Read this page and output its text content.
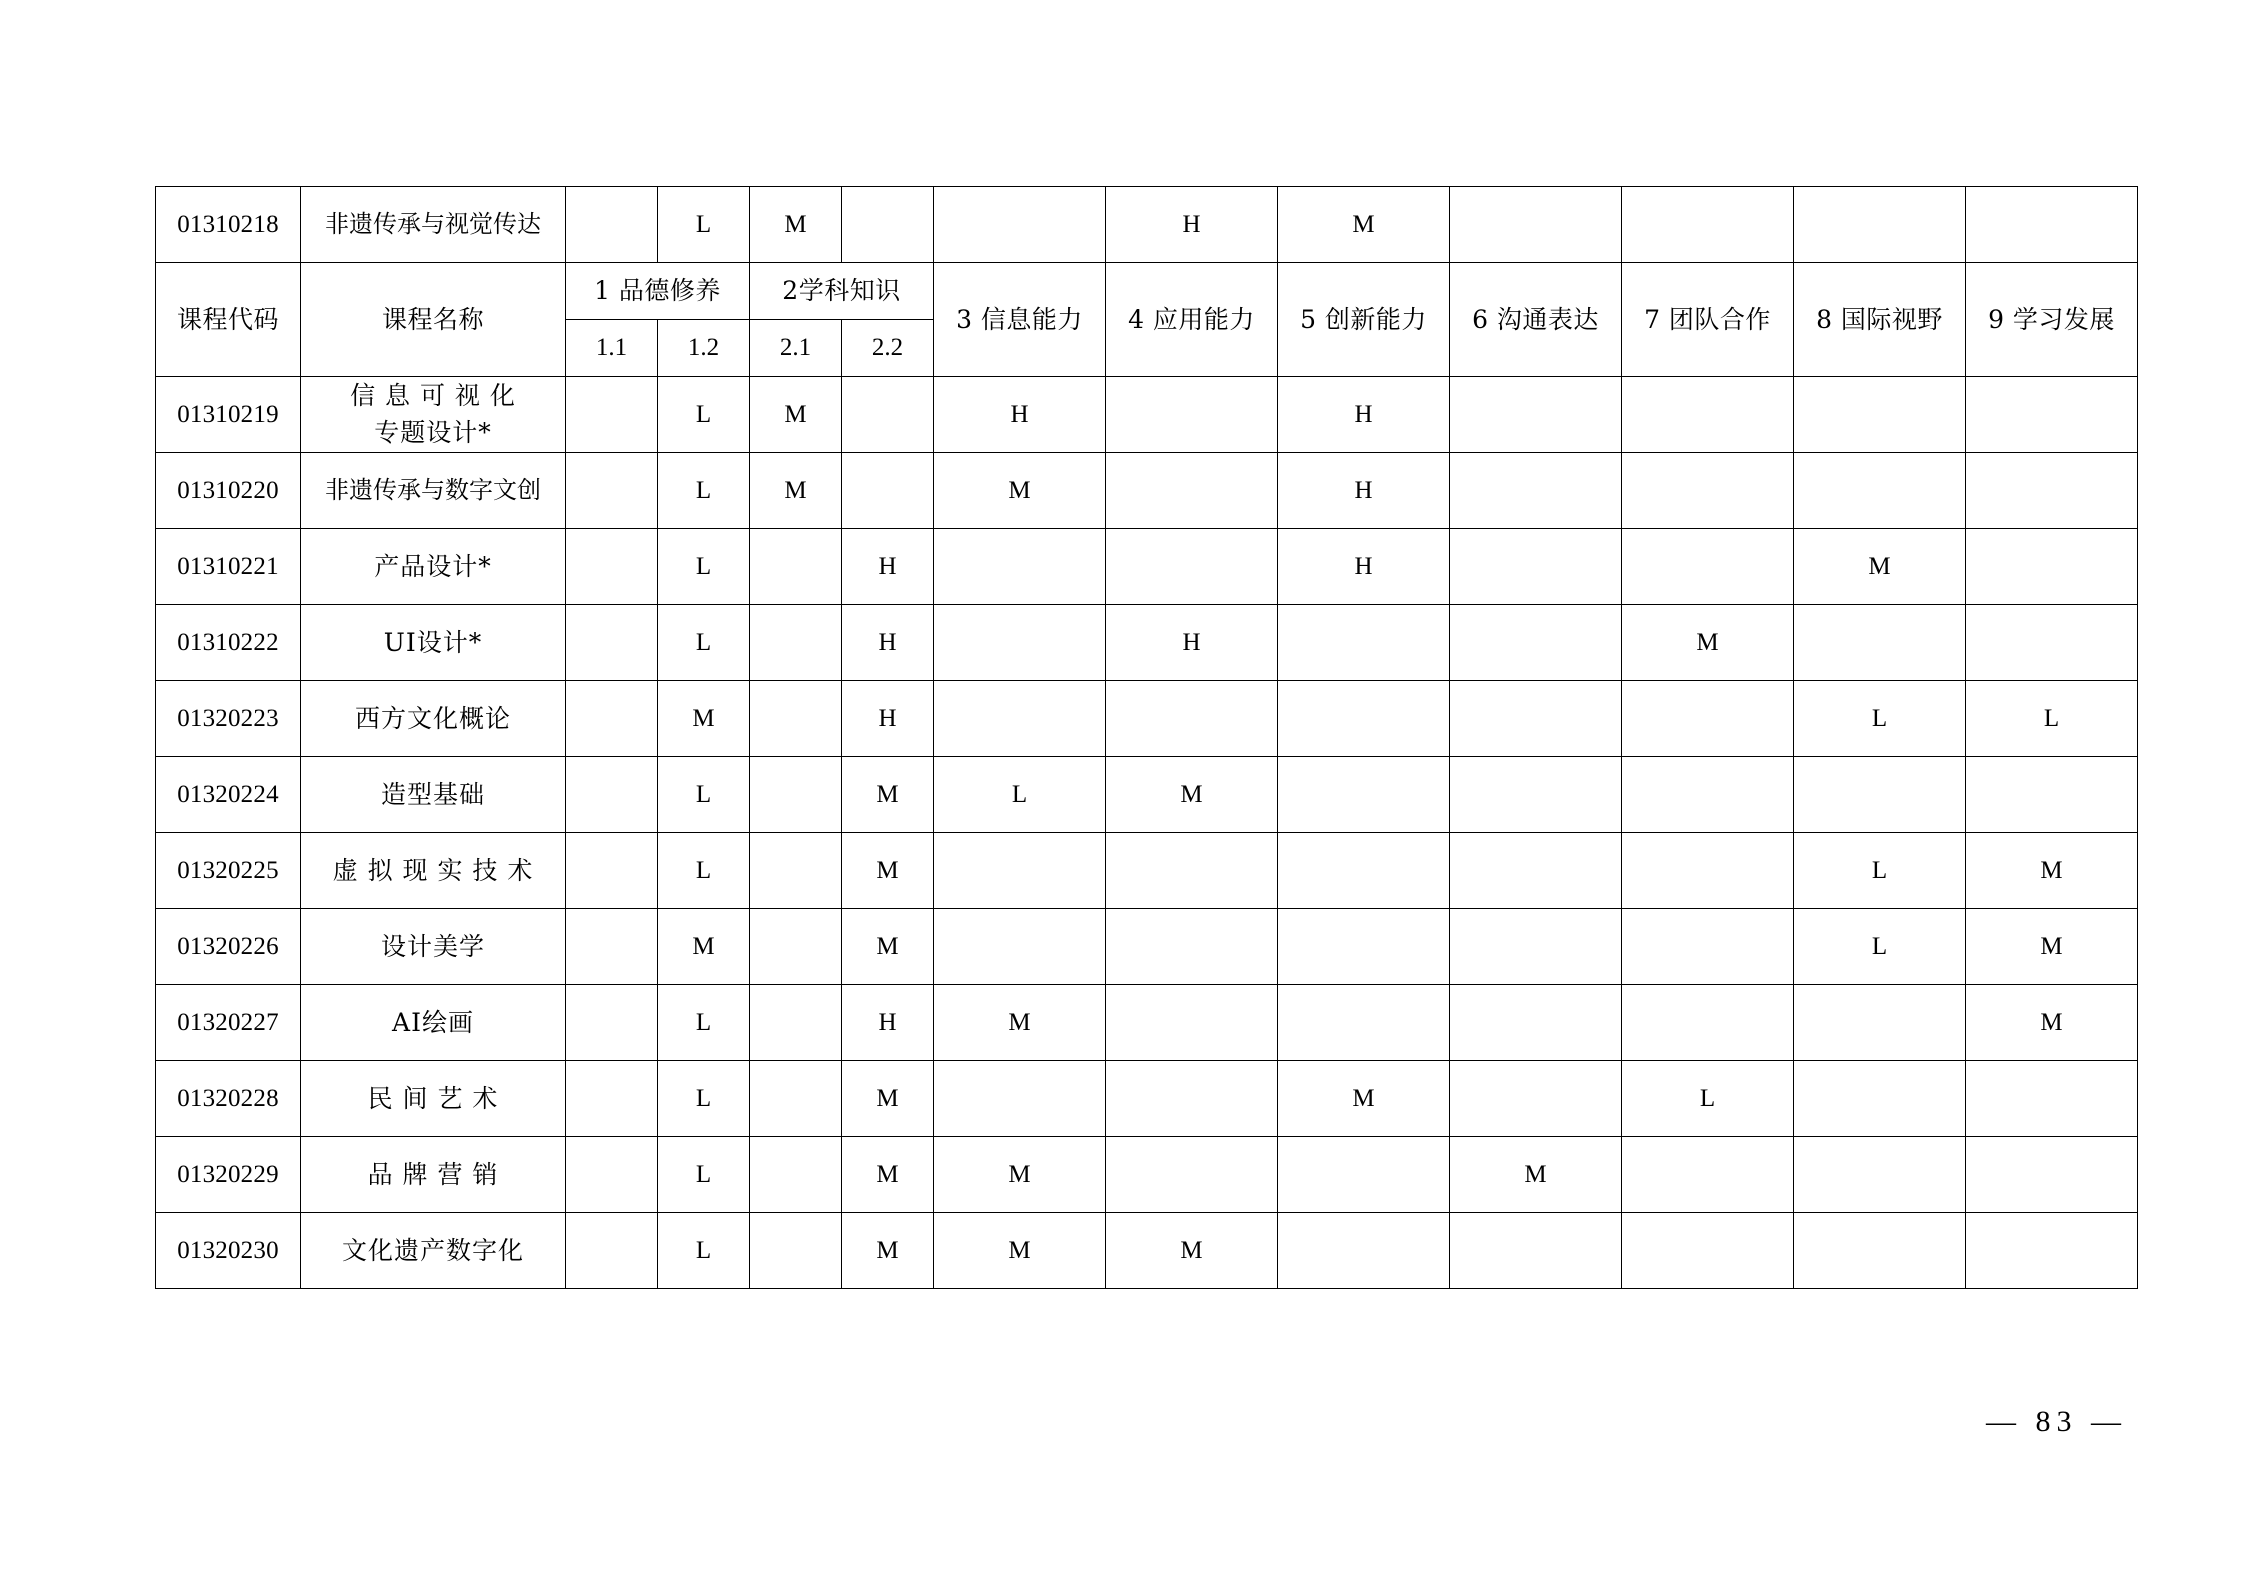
01310218	非遗传承与视觉传达		L	M			H	M				
课程代码	课程名称	1 品德修养		2学科知识		3 信息能力	4 应用能力	5 创新能力	6 沟通表达	7 团队合作	8 国际视野	9 学习发展
		1.1	1.2	2.1	2.2							
01310219	信 息 可 视 化
专题设计*		L	M		H		H				
01310220	非遗传承与数字文创		L	M		M		H				
01310221	产品设计*		L		H			H			M	
01310222	UI设计*		L		H		H			M		
01320223	西方文化概论		M		H						L	L
01320224	造型基础		L		M	L	M					
01320225	虚 拟 现 实 技 术		L		M						L	M
01320226	设计美学		M		M						L	M
01320227	AI绘画		L		H	M						M
01320228	民 间 艺 术		L		M			M		L		
01320229	品 牌 营 销		L		M	M			M			
01320230	文化遗产数字化		L		M	M	M					
— 83 —
